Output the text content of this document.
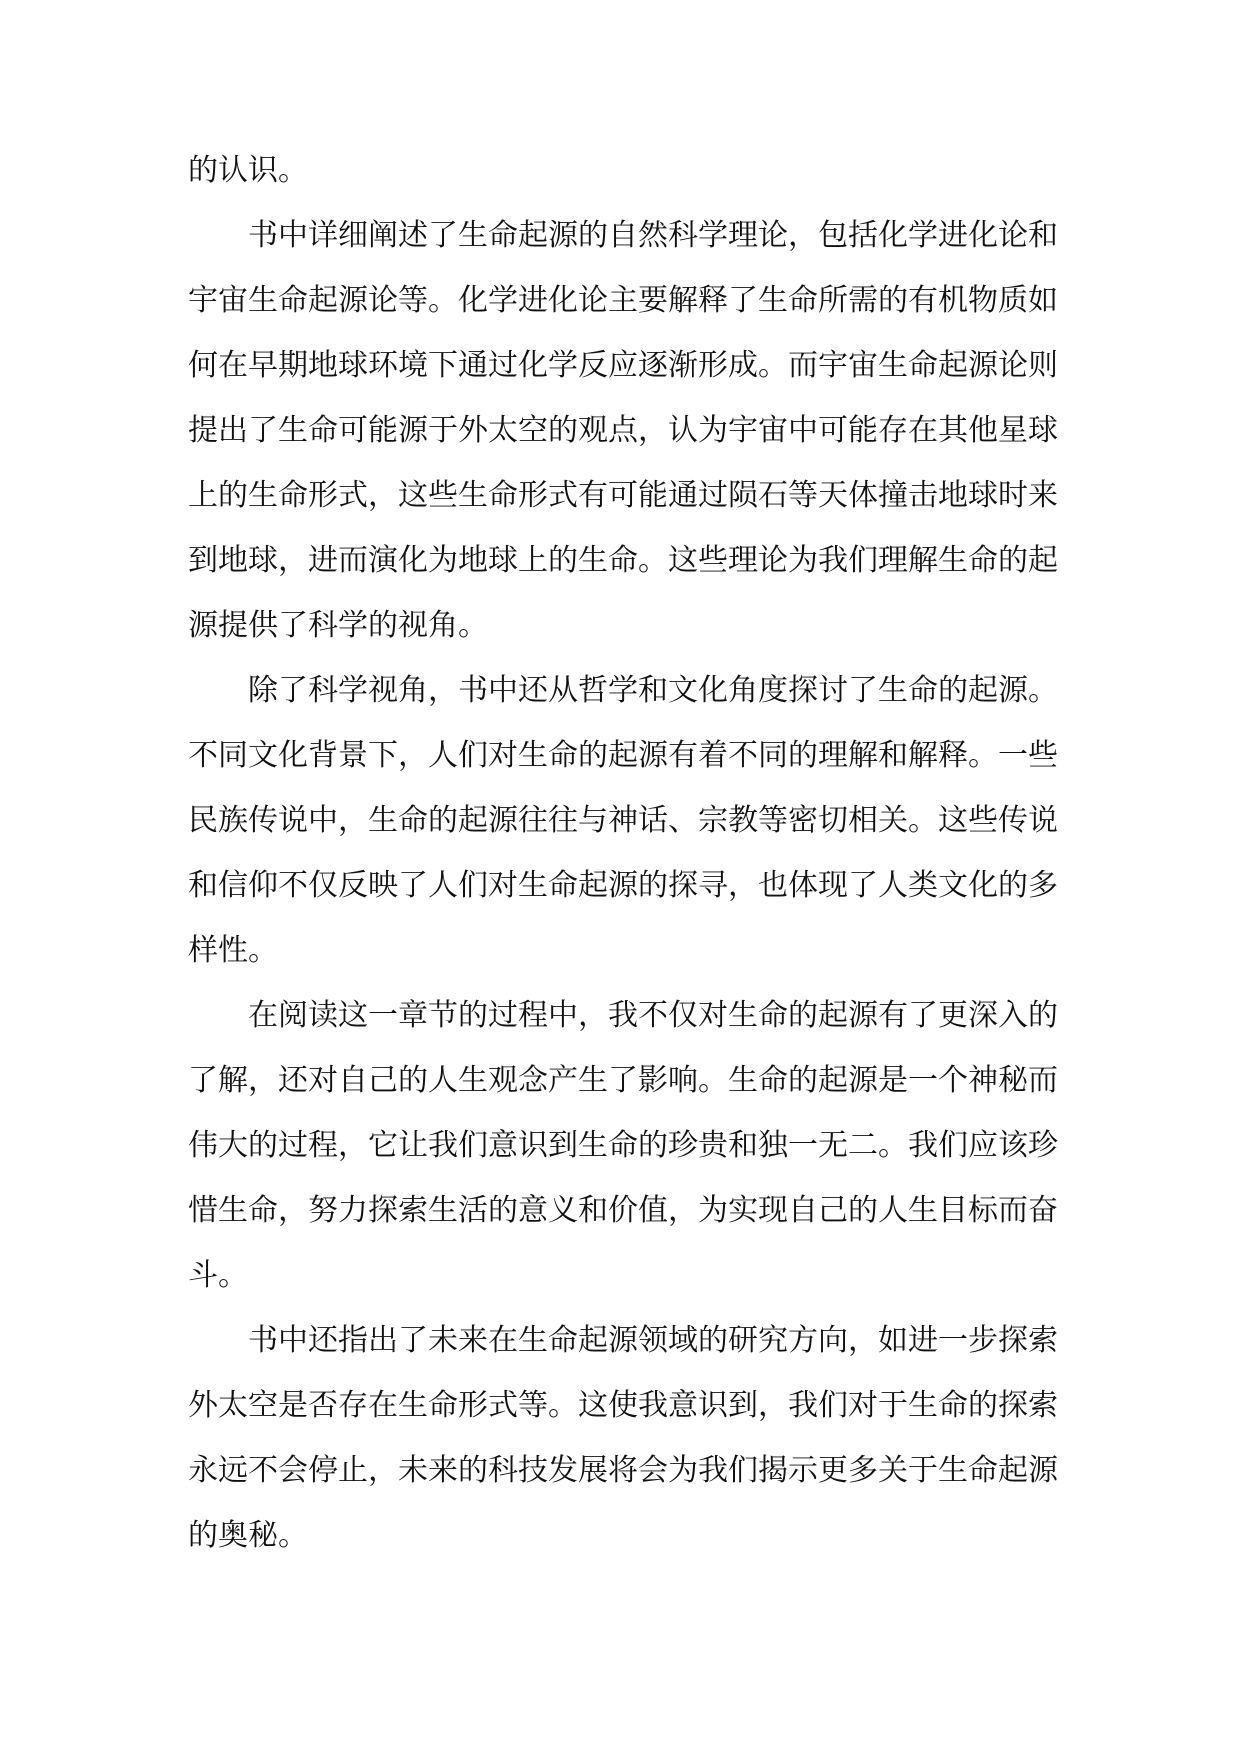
的认识。

书中详细阐述了生命起源的自然科学理论，包括化学进化论和宇宙生命起源论等。化学进化论主要解释了生命所需的有机物质如何在早期地球环境下通过化学反应逐渐形成。而宇宙生命起源论则提出了生命可能源于外太空的观点，认为宇宙中可能存在其他星球上的生命形式，这些生命形式有可能通过陨石等天体撞击地球时来到地球，进而演化为地球上的生命。这些理论为我们理解生命的起源提供了科学的视角。

除了科学视角，书中还从哲学和文化角度探讨了生命的起源。不同文化背景下，人们对生命的起源有着不同的理解和解释。一些民族传说中，生命的起源往往与神话、宗教等密切相关。这些传说和信仰不仅反映了人们对生命起源的探寻，也体现了人类文化的多样性。

在阅读这一章节的过程中，我不仅对生命的起源有了更深入的了解，还对自己的人生观念产生了影响。生命的起源是一个神秘而伟大的过程，它让我们意识到生命的珍贵和独一无二。我们应该珍惜生命，努力探索生活的意义和价值，为实现自己的人生目标而奋斗。

书中还指出了未来在生命起源领域的研究方向，如进一步探索外太空是否存在生命形式等。这使我意识到，我们对于生命的探索永远不会停止，未来的科技发展将会为我们揭示更多关于生命起源的奥秘。
